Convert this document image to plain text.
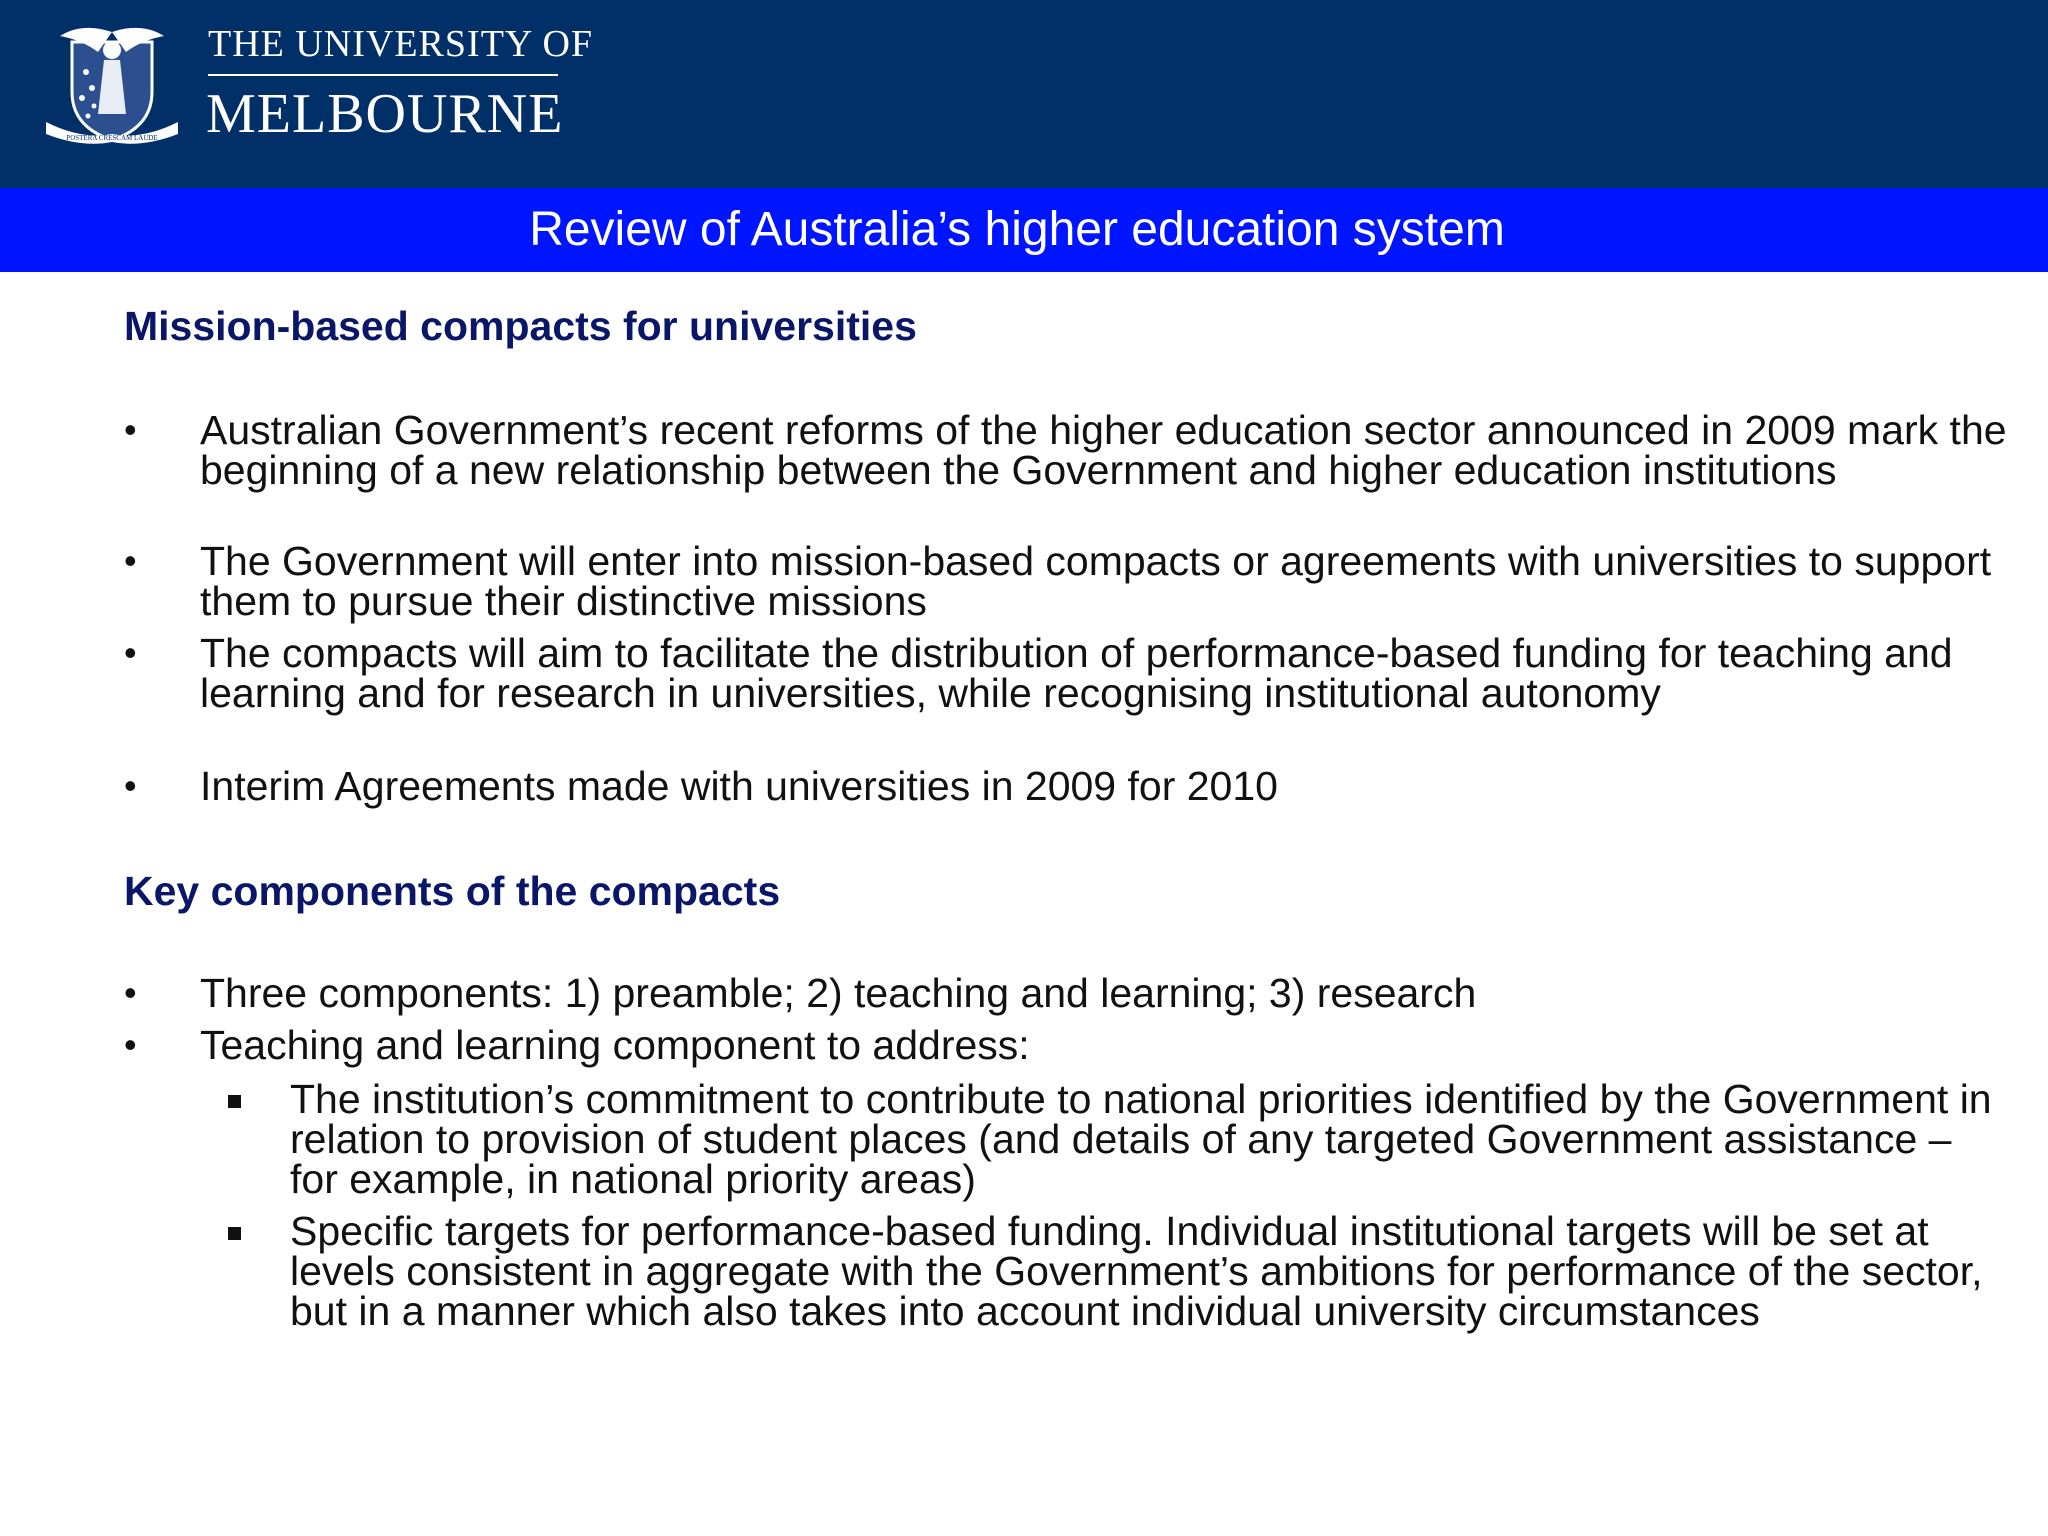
POSTERA CRESCAM LAUDE
THE UNIVERSITY OF
MELBOURNE
Review of Australia’s higher education system
Mission-based compacts for universities
•	Australian Government’s recent reforms of the higher education sector announced in 2009 mark the beginning of a new relationship between the Government and higher education institutions
•	The Government will enter into mission-based compacts or agreements with universities to support them to pursue their distinctive missions
•	The compacts will aim to facilitate the distribution of performance-based funding for teaching and learning and for research in universities, while recognising institutional autonomy
•	Interim Agreements made with universities in 2009 for 2010
Key components of the compacts
•	Three components: 1) preamble; 2) teaching and learning; 3) research
•	Teaching and learning component to address:
The institution’s commitment to contribute to national priorities identified by the Government in relation to provision of student places (and details of any targeted Government assistance – for example, in national priority areas)
Specific targets for performance-based funding. Individual institutional targets will be set at levels consistent in aggregate with the Government’s ambitions for performance of the sector, but in a manner which also takes into account individual university circumstances
